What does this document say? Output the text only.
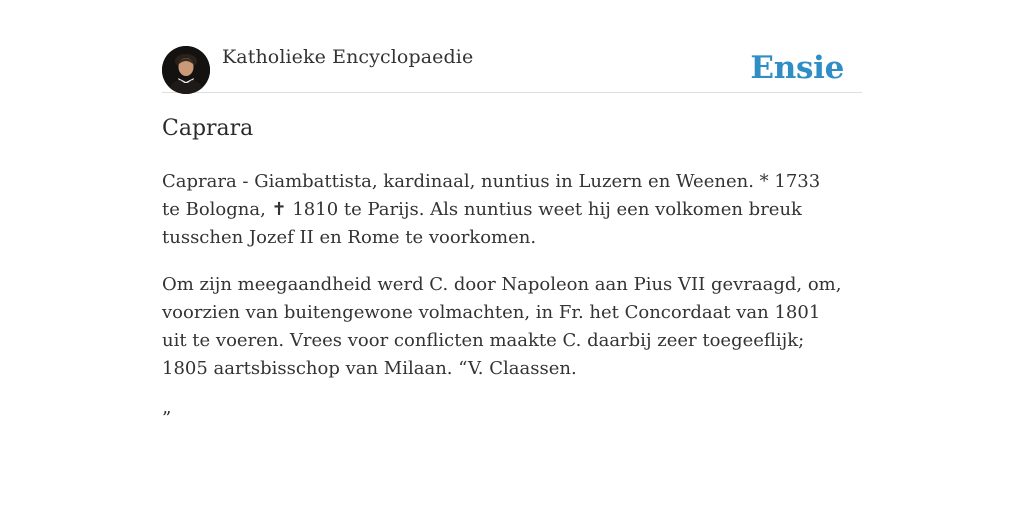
Katholieke Encyclopaedie	Ensie
Caprara

Caprara - Giambattista, kardinaal, nuntius in Luzern en Weenen. * 1733 te Bologna, ✝ 1810 te Parijs. Als nuntius weet hij een volkomen breuk tusschen Jozef II en Rome te voorkomen.

Om zijn meegaandheid werd C. door Napoleon aan Pius VII gevraagd, om, voorzien van buitengewone volmachten, in Fr. het Concordaat van 1801 uit te voeren. Vrees voor conflicten maakte C. daarbij zeer toegeeflijk; 1805 aartsbisschop van Milaan. “V. Claassen.

”
